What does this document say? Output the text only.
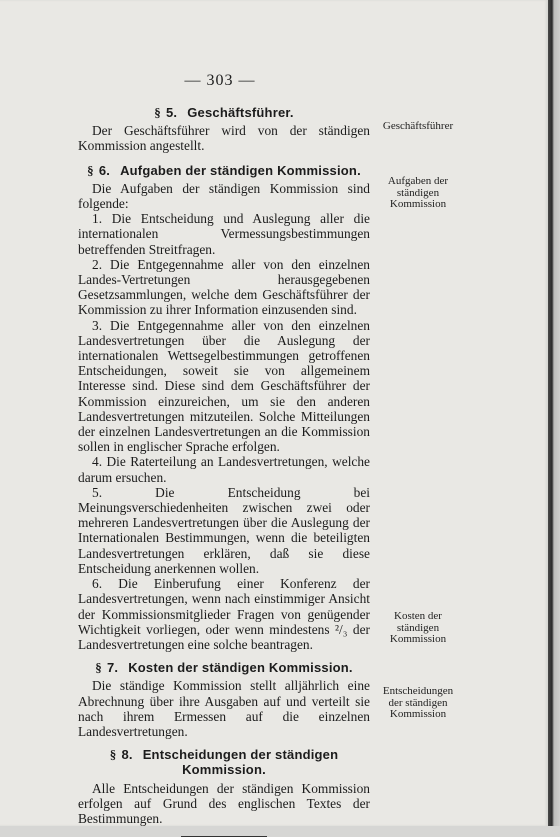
— 303 —
§ 5. Geschäftsführer.

Der Geschäftsführer wird von der ständigen Kommission angestellt.

§ 6. Aufgaben der ständigen Kommission.

Die Aufgaben der ständigen Kommission sind folgende:

1. Die Entscheidung und Auslegung aller die internationalen Vermessungsbestimmungen betreffenden Streitfragen.

2. Die Entgegennahme aller von den einzelnen Landes-Vertretungen herausgegebenen Gesetzsammlungen, welche dem Geschäftsführer der Kommission zu ihrer Information einzusenden sind.

3. Die Entgegennahme aller von den einzelnen Landesvertretungen über die Auslegung der internationalen Wettsegelbestimmungen getroffenen Entscheidungen, soweit sie von allgemeinem Interesse sind. Diese sind dem Geschäftsführer der Kommission einzureichen, um sie den anderen Landesvertretungen mitzuteilen. Solche Mitteilungen der einzelnen Landesvertretungen an die Kommission sollen in englischer Sprache erfolgen.

4. Die Raterteilung an Landesvertretungen, welche darum ersuchen.

5. Die Entscheidung bei Meinungsverschiedenheiten zwischen zwei oder mehreren Landesvertretungen über die Auslegung der Internationalen Bestimmungen, wenn die beteiligten Landesvertretungen erklären, daß sie diese Entscheidung anerkennen wollen.

6. Die Einberufung einer Konferenz der Landesvertretungen, wenn nach einstimmiger Ansicht der Kommissionsmitglieder Fragen von genügender Wichtigkeit vorliegen, oder wenn mindestens ²/₃ der Landesvertretungen eine solche beantragen.

§ 7. Kosten der ständigen Kommission.

Die ständige Kommission stellt alljährlich eine Abrechnung über ihre Ausgaben auf und verteilt sie nach ihrem Ermessen auf die einzelnen Landesvertretungen.

§ 8. Entscheidungen der ständigen Kommission.

Alle Entscheidungen der ständigen Kommission erfolgen auf Grund des englischen Textes der Bestimmungen.

Geschäftsführer
Aufgaben der ständigen Kommission
Kosten der ständigen Kommission
Entscheidungen der ständigen Kommission
